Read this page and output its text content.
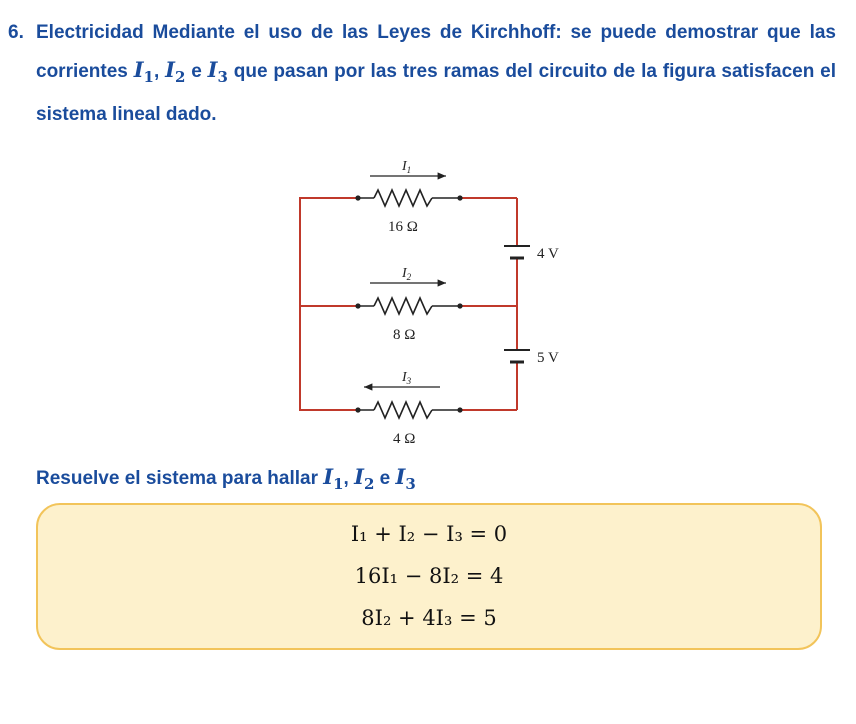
6. Electricidad Mediante el uso de las Leyes de Kirchhoff: se puede demostrar que las corrientes $I_1$, $I_2$ e $I_3$ que pasan por las tres ramas del circuito de la figura satisfacen el sistema lineal dado.
$I_1$
$I_2$
$I_3$
16 Ω
8 Ω
4 Ω
4 V
5 V
Resuelve el sistema para hallar $I_1$, $I_2$ e $I_3$
I₁ + I₂ − I₃ = 0
16I₁ − 8I₂ = 4
8I₂ + 4I₃ = 5
